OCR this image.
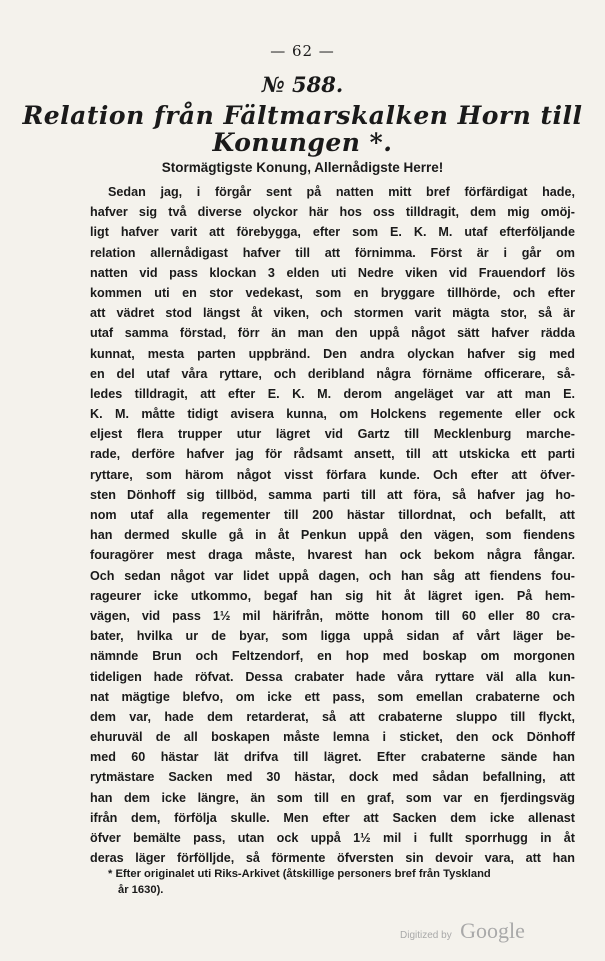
— 62 —
№ 588.
Relation från Fältmarskalken Horn till
Konungen *.
Stormägtigste Konung, Allernådigste Herre!
Sedan jag, i förgår sent på natten mitt bref förfärdigat hade,
hafver sig två diverse olyckor här hos oss tilldragit, dem mig omöj-
ligt hafver varit att förebygga, efter som E. K. M. utaf efterföljande
relation allernådigast hafver till att förnimma. Först är i går om
natten vid pass klockan 3 elden uti Nedre viken vid Frauendorf lös
kommen uti en stor vedekast, som en bryggare tillhörde, och efter
att vädret stod längst åt viken, och stormen varit mägta stor, så är
utaf samma förstad, förr än man den uppå något sätt hafver rädda
kunnat, mesta parten uppbränd. Den andra olyckan hafver sig med
en del utaf våra ryttare, och deribland några förnäme officerare, så-
ledes tilldragit, att efter E. K. M. derom angeläget var att man E.
K. M. måtte tidigt avisera kunna, om Holckens regemente eller ock
eljest flera trupper utur lägret vid Gartz till Mecklenburg marche-
rade, derföre hafver jag för rådsamt ansett, till att utskicka ett parti
ryttare, som härom något visst förfara kunde. Och efter att öfver-
sten Dönhoff sig tillböd, samma parti till att föra, så hafver jag ho-
nom utaf alla regementer till 200 hästar tillordnat, och befallt, att
han dermed skulle gå in åt Penkun uppå den vägen, som fiendens
fouragörer mest draga måste, hvarest han ock bekom några fångar.
Och sedan något var lidet uppå dagen, och han såg att fiendens fou-
rageurer icke utkommo, begaf han sig hit åt lägret igen. På hem-
vägen, vid pass 1½ mil härifrån, mötte honom till 60 eller 80 cra-
bater, hvilka ur de byar, som ligga uppå sidan af vårt läger be-
nämnde Brun och Feltzendorf, en hop med boskap om morgonen
tideligen hade röfvat. Dessa crabater hade våra ryttare väl alla kun-
nat mägtige blefvo, om icke ett pass, som emellan crabaterne och
dem var, hade dem retarderat, så att crabaterne sluppo till flyckt,
ehuruväl de all boskapen måste lemna i sticket, den ock Dönhoff
med 60 hästar lät drifva till lägret. Efter crabaterne sände han
rytmästare Sacken med 30 hästar, dock med sådan befallning, att
han dem icke längre, än som till en graf, som var en fjerdingsväg
ifrån dem, förfölja skulle. Men efter att Sacken dem icke allenast
öfver bemälte pass, utan ock uppå 1½ mil i fullt sporrhugg in åt
deras läger förfölljde, så förmente öfversten sin devoir vara, att han
* Efter originalet uti Riks-Arkivet (åtskillige personers bref från Tyskland
år 1630).
Digitized by Google
